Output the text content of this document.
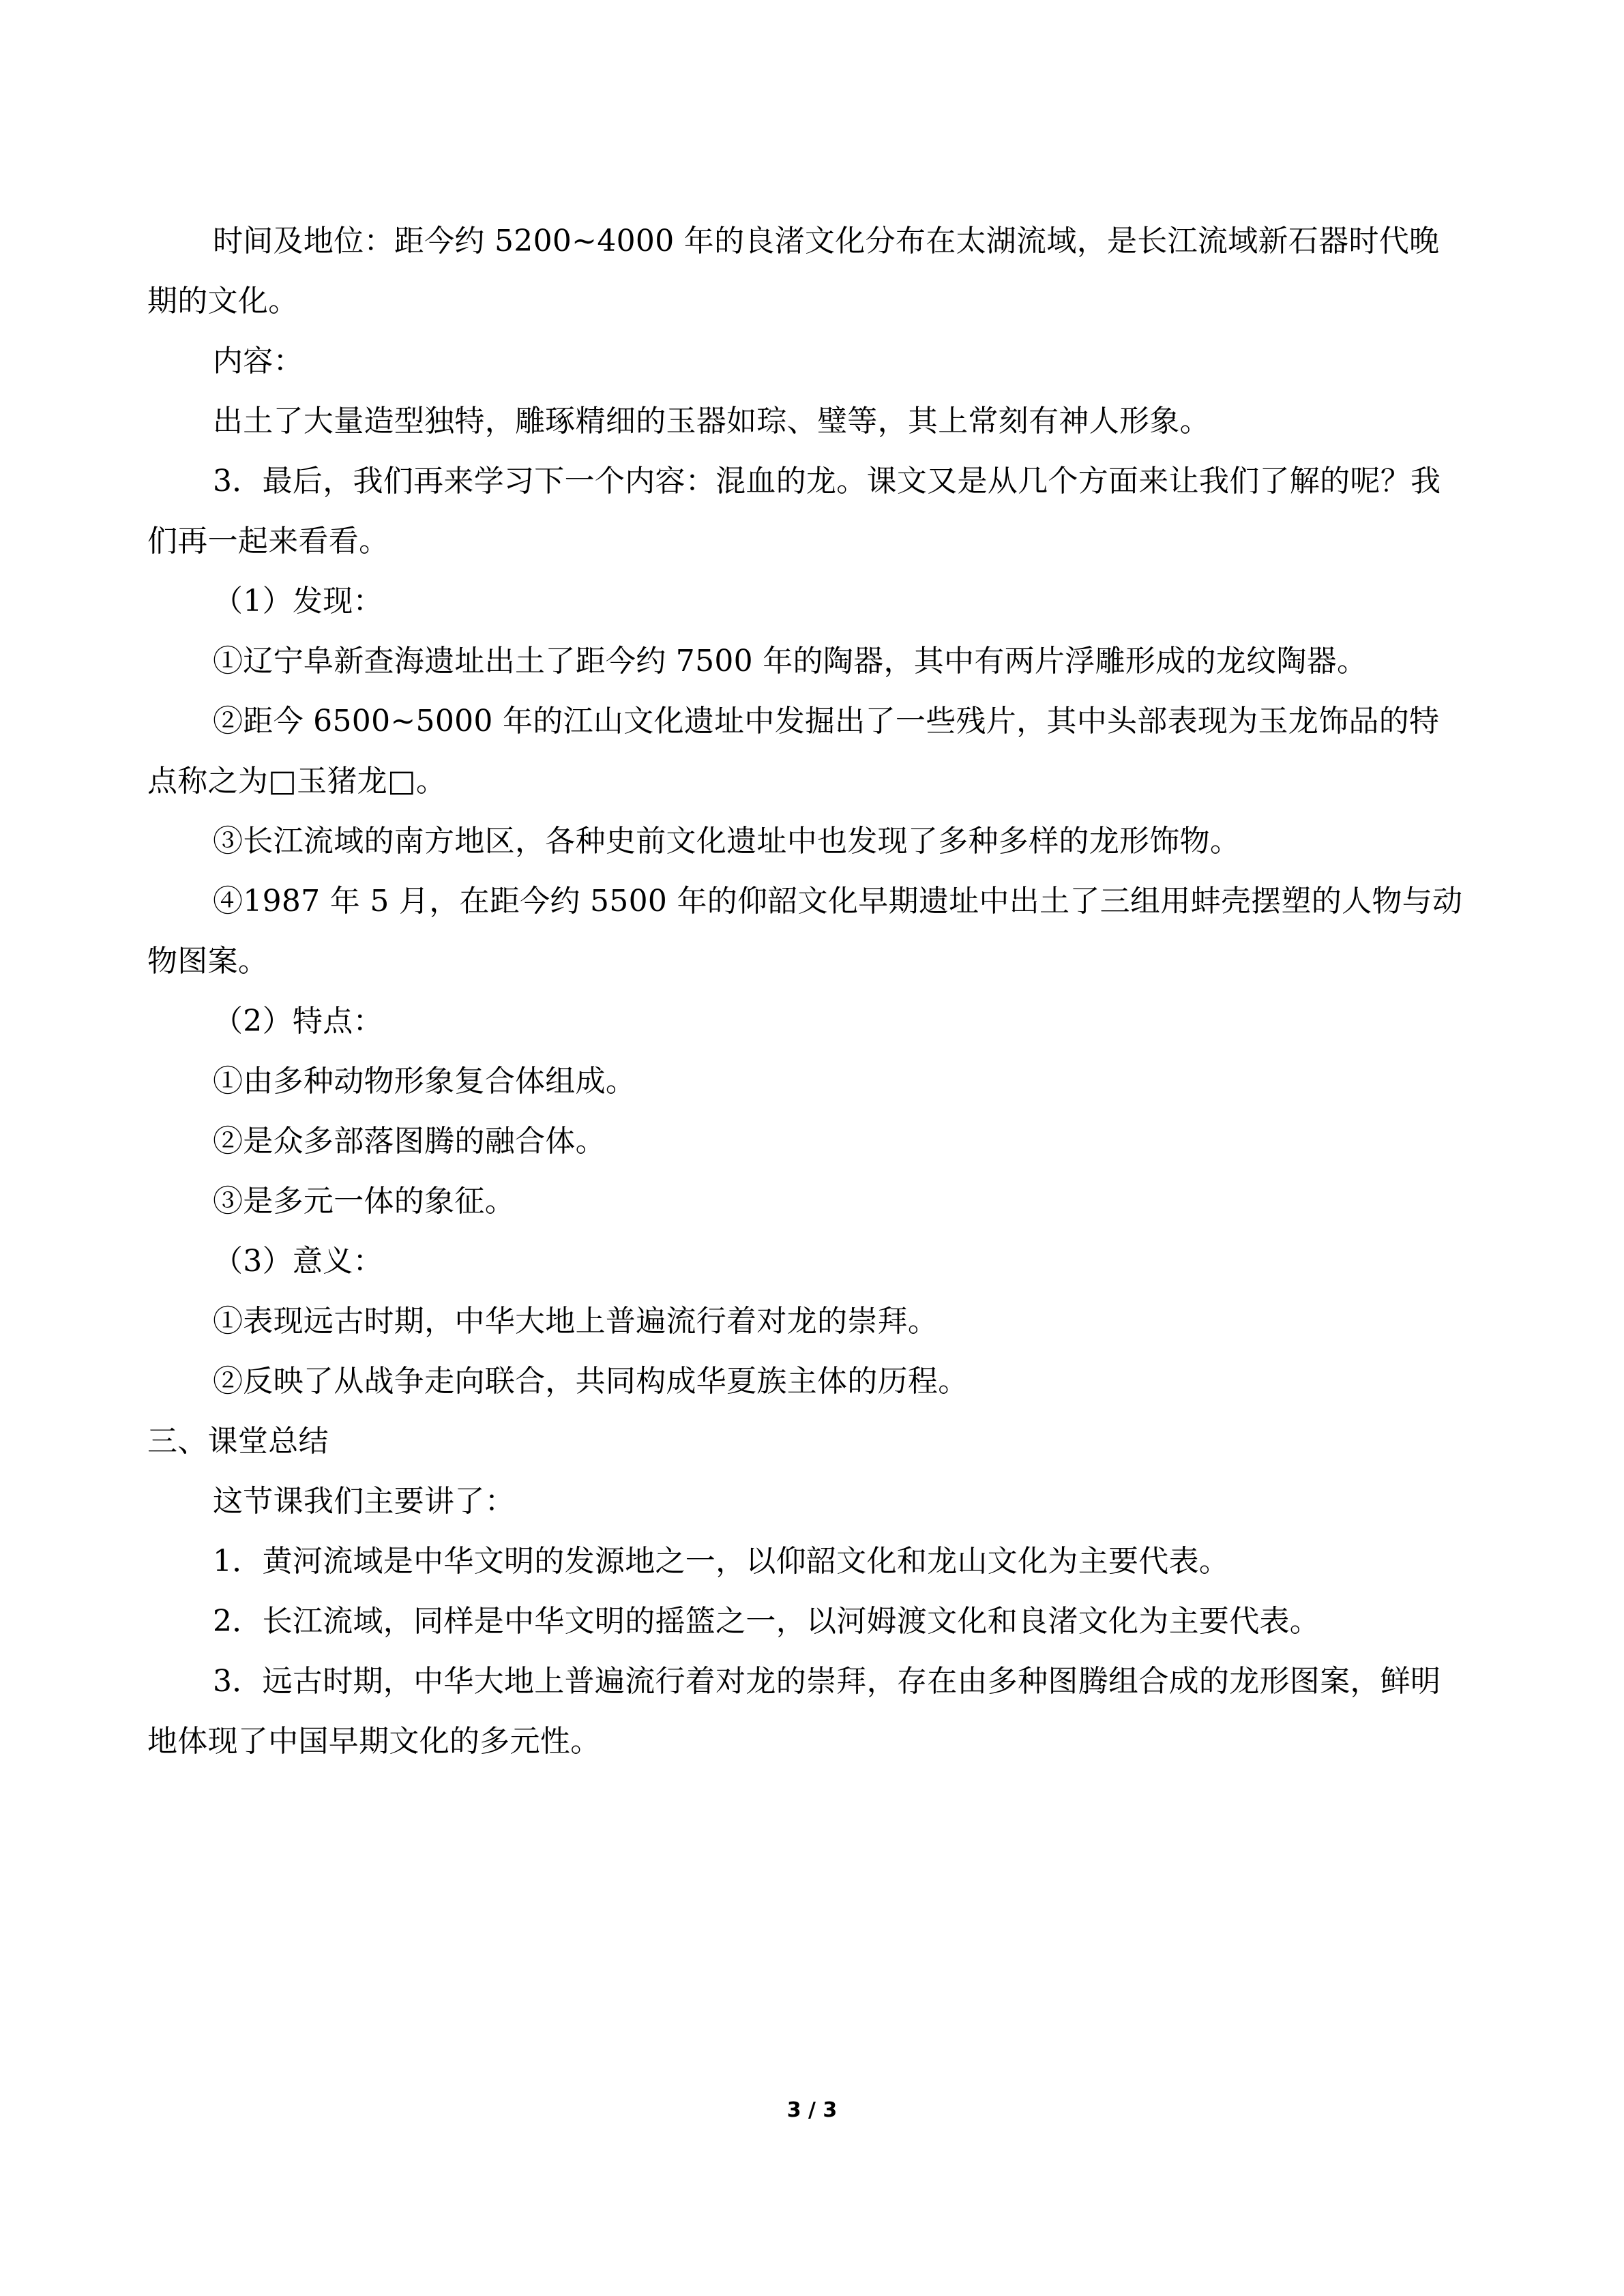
时间及地位：距今约 5200~4000 年的良渚文化分布在太湖流域，是长江流域新石器时代晚期的文化。

内容：

出土了大量造型独特，雕琢精细的玉器如琮、璧等，其上常刻有神人形象。

3．最后，我们再来学习下一个内容：混血的龙。课文又是从几个方面来让我们了解的呢？我们再一起来看看。

（1）发现：

①辽宁阜新查海遗址出土了距今约 7500 年的陶器，其中有两片浮雕形成的龙纹陶器。

②距今 6500~5000 年的江山文化遗址中发掘出了一些残片，其中头部表现为玉龙饰品的特点称之为□玉猪龙□。

③长江流域的南方地区，各种史前文化遗址中也发现了多种多样的龙形饰物。

④1987 年 5 月，在距今约 5500 年的仰韶文化早期遗址中出土了三组用蚌壳摆塑的人物与动物图案。

（2）特点：

①由多种动物形象复合体组成。

②是众多部落图腾的融合体。

③是多元一体的象征。

（3）意义：

①表现远古时期，中华大地上普遍流行着对龙的崇拜。

②反映了从战争走向联合，共同构成华夏族主体的历程。

三、课堂总结

这节课我们主要讲了：

1．黄河流域是中华文明的发源地之一，以仰韶文化和龙山文化为主要代表。

2．长江流域，同样是中华文明的摇篮之一，以河姆渡文化和良渚文化为主要代表。

3．远古时期，中华大地上普遍流行着对龙的崇拜，存在由多种图腾组合成的龙形图案，鲜明地体现了中国早期文化的多元性。

3 / 3
